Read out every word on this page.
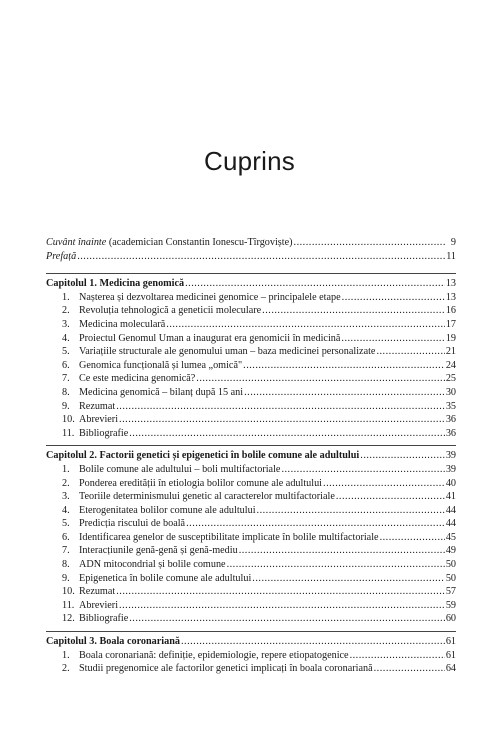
Cuprins
Cuvânt înainte (academician Constantin Ionescu-Tîrgoviște) .....	9
Prefață .....	11
Capitolul 1. Medicina genomică .....	13
1. Nașterea și dezvoltarea medicinei genomice – principalele etape .....	13
2. Revoluția tehnologică a geneticii moleculare .....	16
3. Medicina moleculară .....	17
4. Proiectul Genomul Uman a inaugurat era genomicii în medicină .....	19
5. Variațiile structurale ale genomului uman – baza medicinei personalizate .....	21
6. Genomica funcțională și lumea „omică" .....	24
7. Ce este medicina genomică? .....	25
8. Medicina genomică – bilanț după 15 ani .....	30
9. Rezumat .....	35
10. Abrevieri .....	36
11. Bibliografie .....	36
Capitolul 2. Factorii genetici și epigenetici în bolile comune ale adultului .....	39
1. Bolile comune ale adultului – boli multifactoriale .....	39
2. Ponderea eredității în etiologia bolilor comune ale adultului .....	40
3. Teoriile determinismului genetic al caracterelor multifactoriale .....	41
4. Eterogenitatea bolilor comune ale adultului .....	44
5. Predicția riscului de boală .....	44
6. Identificarea genelor de susceptibilitate implicate în bolile multifactoriale .....	45
7. Interacțiunile genă-genă și genă-mediu .....	49
8. ADN mitocondrial și bolile comune .....	50
9. Epigenetica în bolile comune ale adultului .....	50
10. Rezumat .....	57
11. Abrevieri .....	59
12. Bibliografie .....	60
Capitolul 3. Boala coronariană .....	61
1. Boala coronariană: definiție, epidemiologie, repere etiopatogenice .....	61
2. Studii pregenomice ale factorilor genetici implicați în boala coronariană .....	64
